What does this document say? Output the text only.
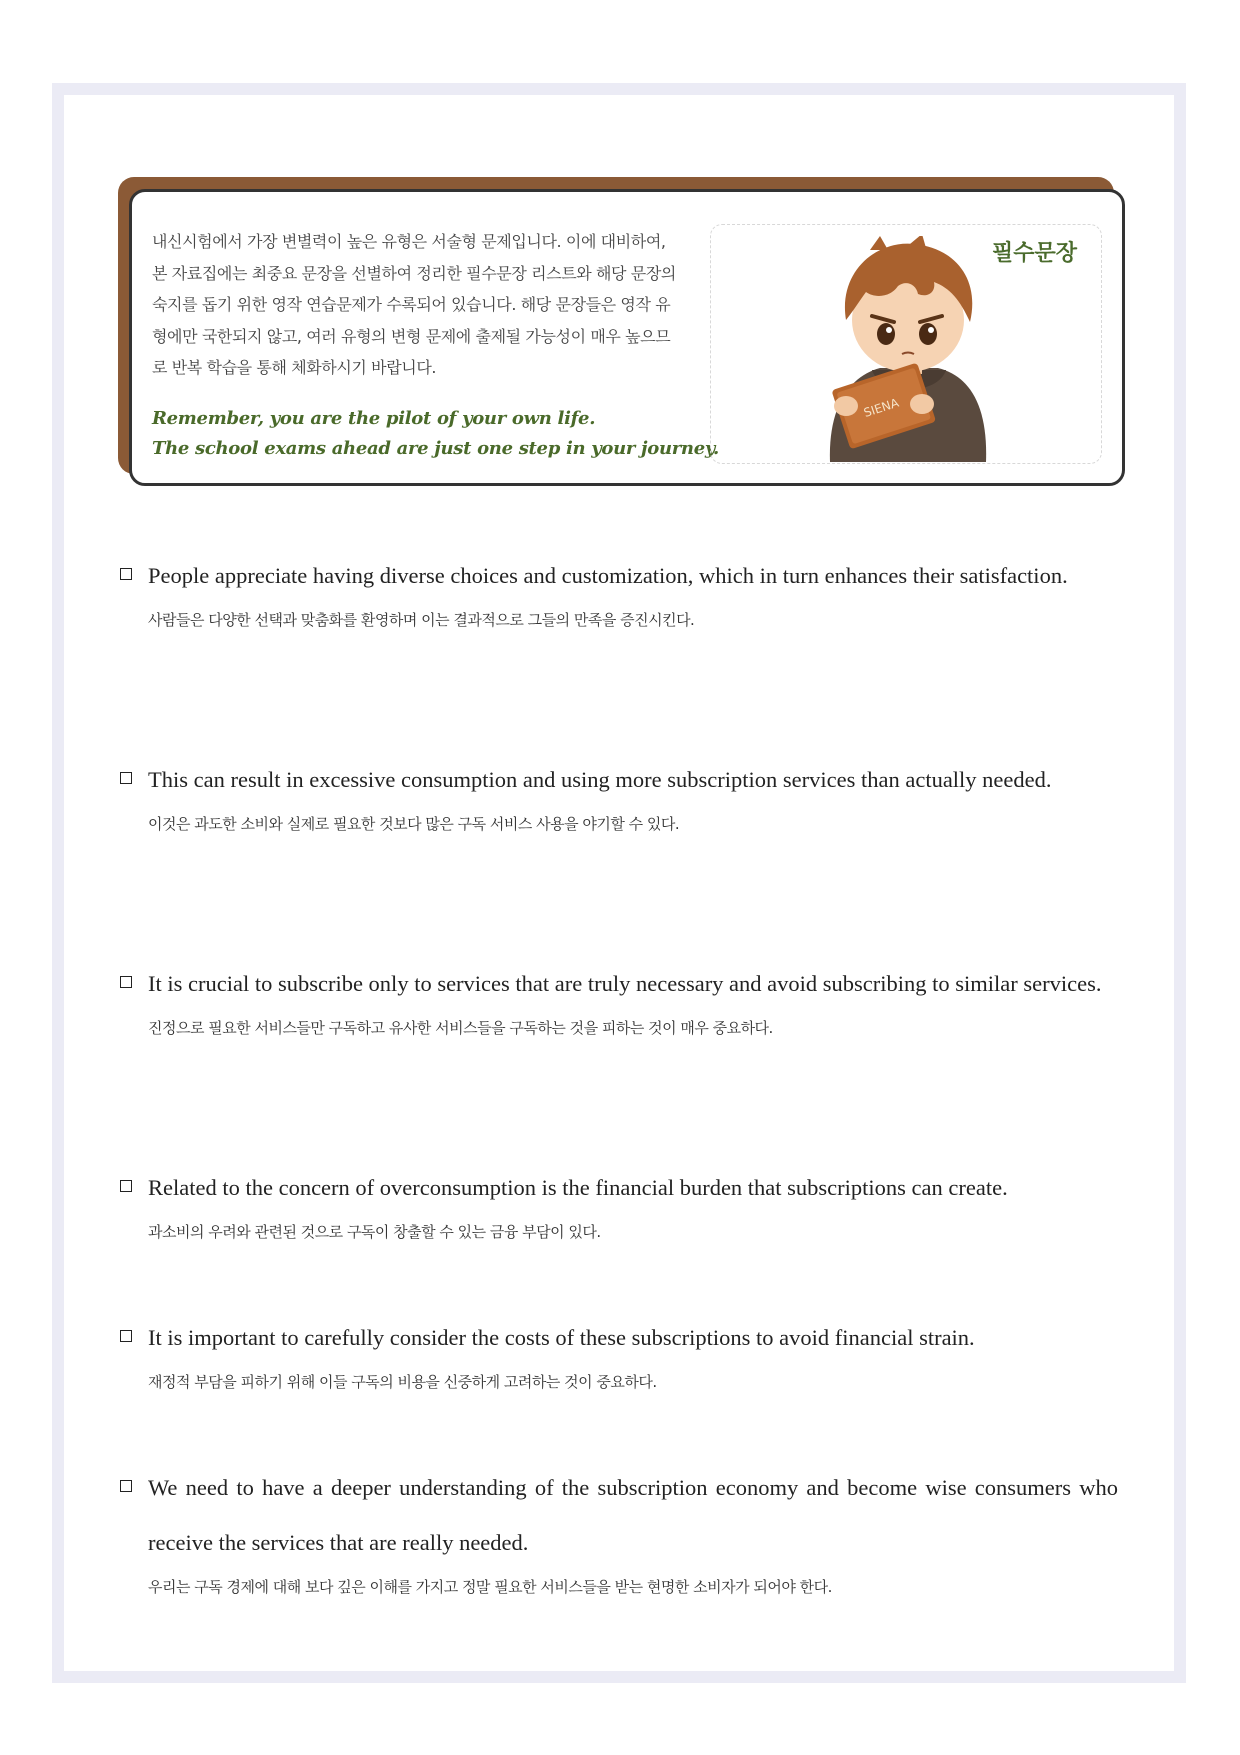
내신시험에서 가장 변별력이 높은 유형은 서술형 문제입니다. 이에 대비하여, 본 자료집에는 최중요 문장을 선별하여 정리한 필수문장 리스트와 해당 문장의 숙지를 돕기 위한 영작 연습문제가 수록되어 있습니다. 해당 문장들은 영작 유형에만 국한되지 않고, 여러 유형의 변형 문제에 출제될 가능성이 매우 높으므로 반복 학습을 통해 체화하시기 바랍니다.

Remember, you are the pilot of your own life.
The school exams ahead are just one step in your journey.
필수문장
SIENA

People appreciate having diverse choices and customization, which in turn enhances their satisfaction.

사람들은 다양한 선택과 맞춤화를 환영하며 이는 결과적으로 그들의 만족을 증진시킨다.

This can result in excessive consumption and using more subscription services than actually needed.

이것은 과도한 소비와 실제로 필요한 것보다 많은 구독 서비스 사용을 야기할 수 있다.

It is crucial to subscribe only to services that are truly necessary and avoid subscribing to similar services.

진정으로 필요한 서비스들만 구독하고 유사한 서비스들을 구독하는 것을 피하는 것이 매우 중요하다.

Related to the concern of overconsumption is the financial burden that subscriptions can create.

과소비의 우려와 관련된 것으로 구독이 창출할 수 있는 금융 부담이 있다.

It is important to carefully consider the costs of these subscriptions to avoid financial strain.

재정적 부담을 피하기 위해 이들 구독의 비용을 신중하게 고려하는 것이 중요하다.

We need to have a deeper understanding of the subscription economy and become wise consumers who receive the services that are really needed.

우리는 구독 경제에 대해 보다 깊은 이해를 가지고 정말 필요한 서비스들을 받는 현명한 소비자가 되어야 한다.
